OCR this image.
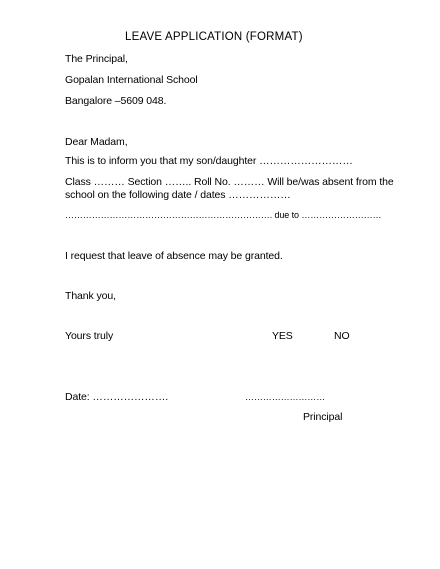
LEAVE APPLICATION (FORMAT)
The Principal,
Gopalan International School
Bangalore –5609 048.
Dear Madam,
This is to inform you that my son/daughter ………………………
Class ……… Section …….. Roll No. ……… Will be/was absent from the
school on the following date / dates ………………
……………………………………………………………. due to ………………………
I request that leave of absence may be granted.
Thank you,
Yours truly	YES	NO
Date: ………………….	………………………
Principal
